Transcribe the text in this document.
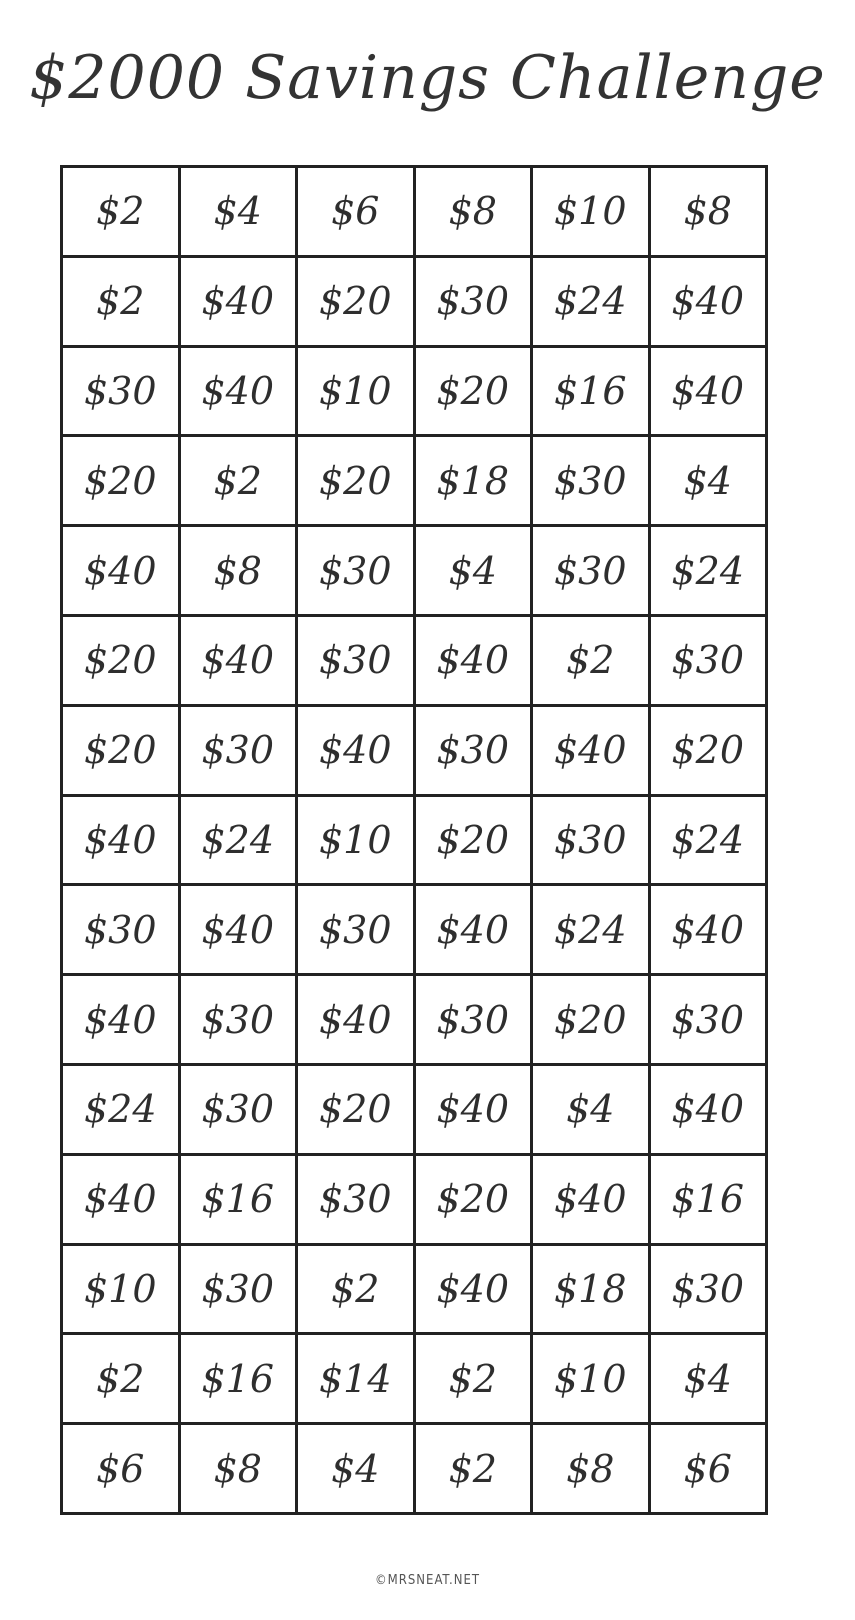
$2000 Savings Challenge
$2	$4	$6	$8	$10	$8
$2	$40	$20	$30	$24	$40
$30	$40	$10	$20	$16	$40
$20	$2	$20	$18	$30	$4
$40	$8	$30	$4	$30	$24
$20	$40	$30	$40	$2	$30
$20	$30	$40	$30	$40	$20
$40	$24	$10	$20	$30	$24
$30	$40	$30	$40	$24	$40
$40	$30	$40	$30	$20	$30
$24	$30	$20	$40	$4	$40
$40	$16	$30	$20	$40	$16
$10	$30	$2	$40	$18	$30
$2	$16	$14	$2	$10	$4
$6	$8	$4	$2	$8	$6
©MRSNEAT.NET
